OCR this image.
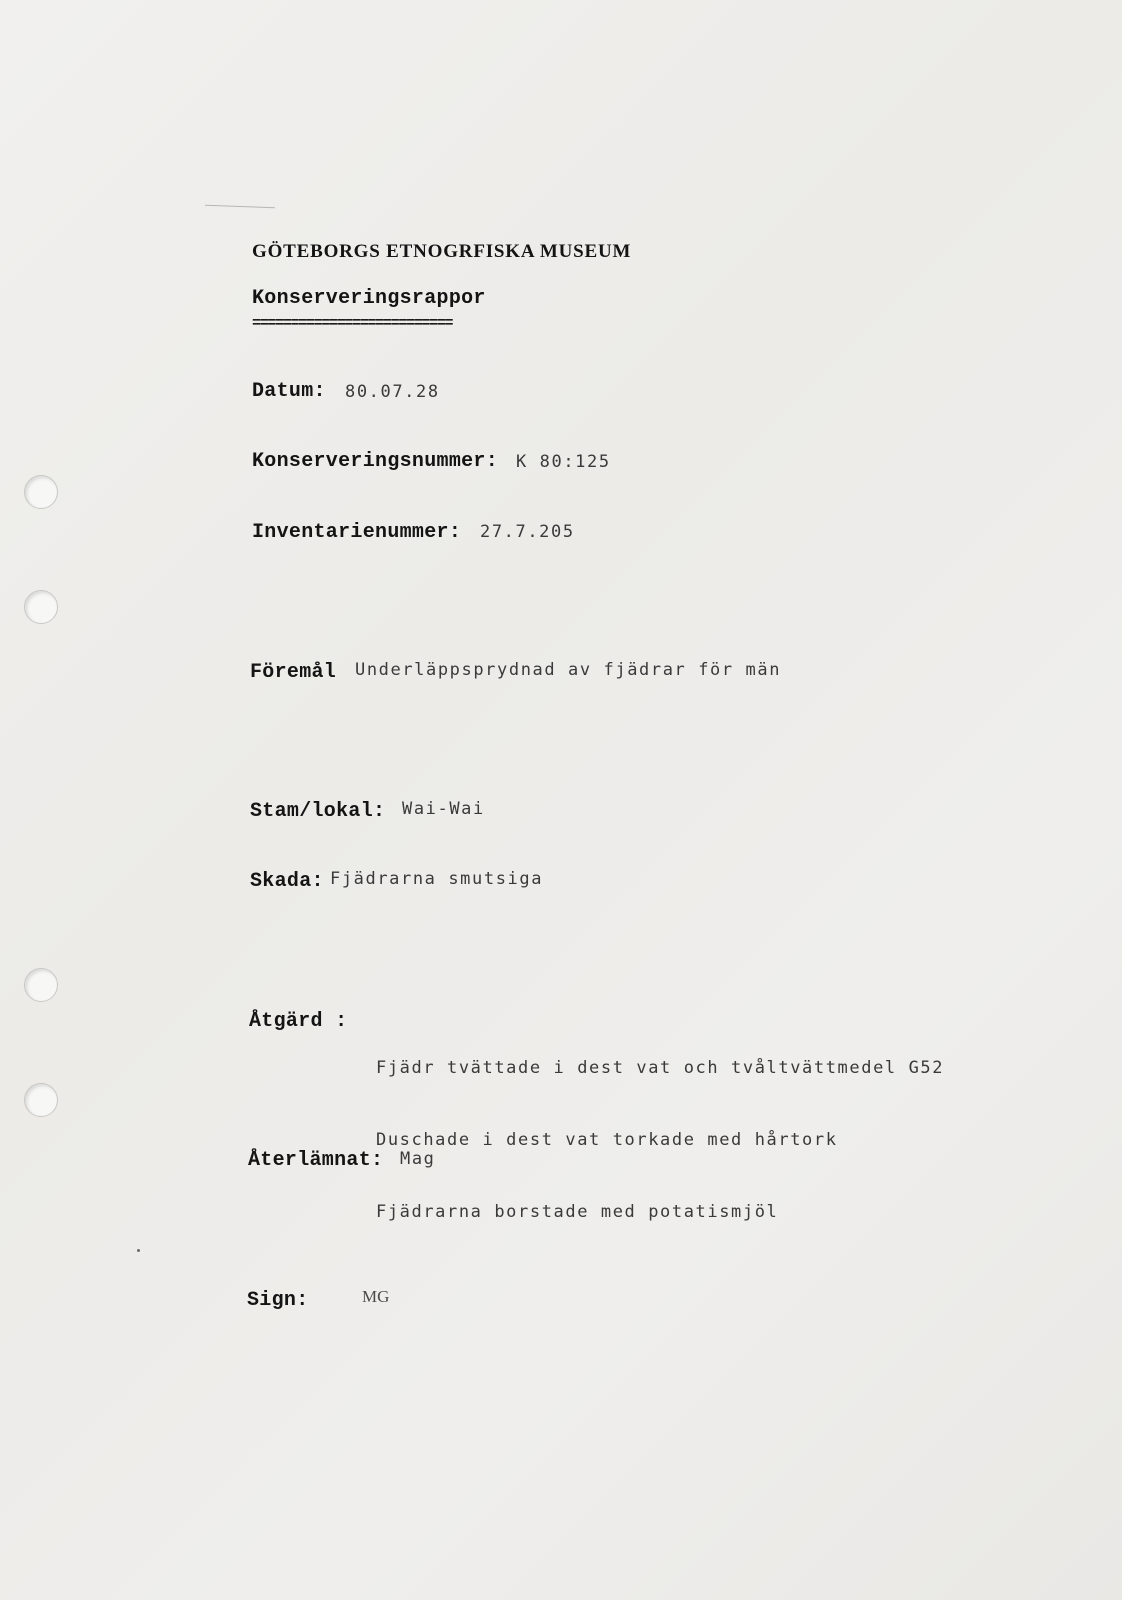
GÖTEBORGS ETNOGRFISKA MUSEUM
Konserveringsrappor
==========================
Datum: 80.07.28
Konserveringsnummer: K 80:125
Inventarienummer: 27.7.205
Föremål Underläppsprydnad av fjädrar för män
Stam/lokal: Wai-Wai
Skada: Fjädrarna smutsiga
Åtgärd :

Fjädr tvättade i dest vat och tvåltvättmedel G52

Duschade i dest vat torkade med hårtork

Fjädrarna borstade med potatismjöl

Återlämnat: Mag
Sign:	MG
